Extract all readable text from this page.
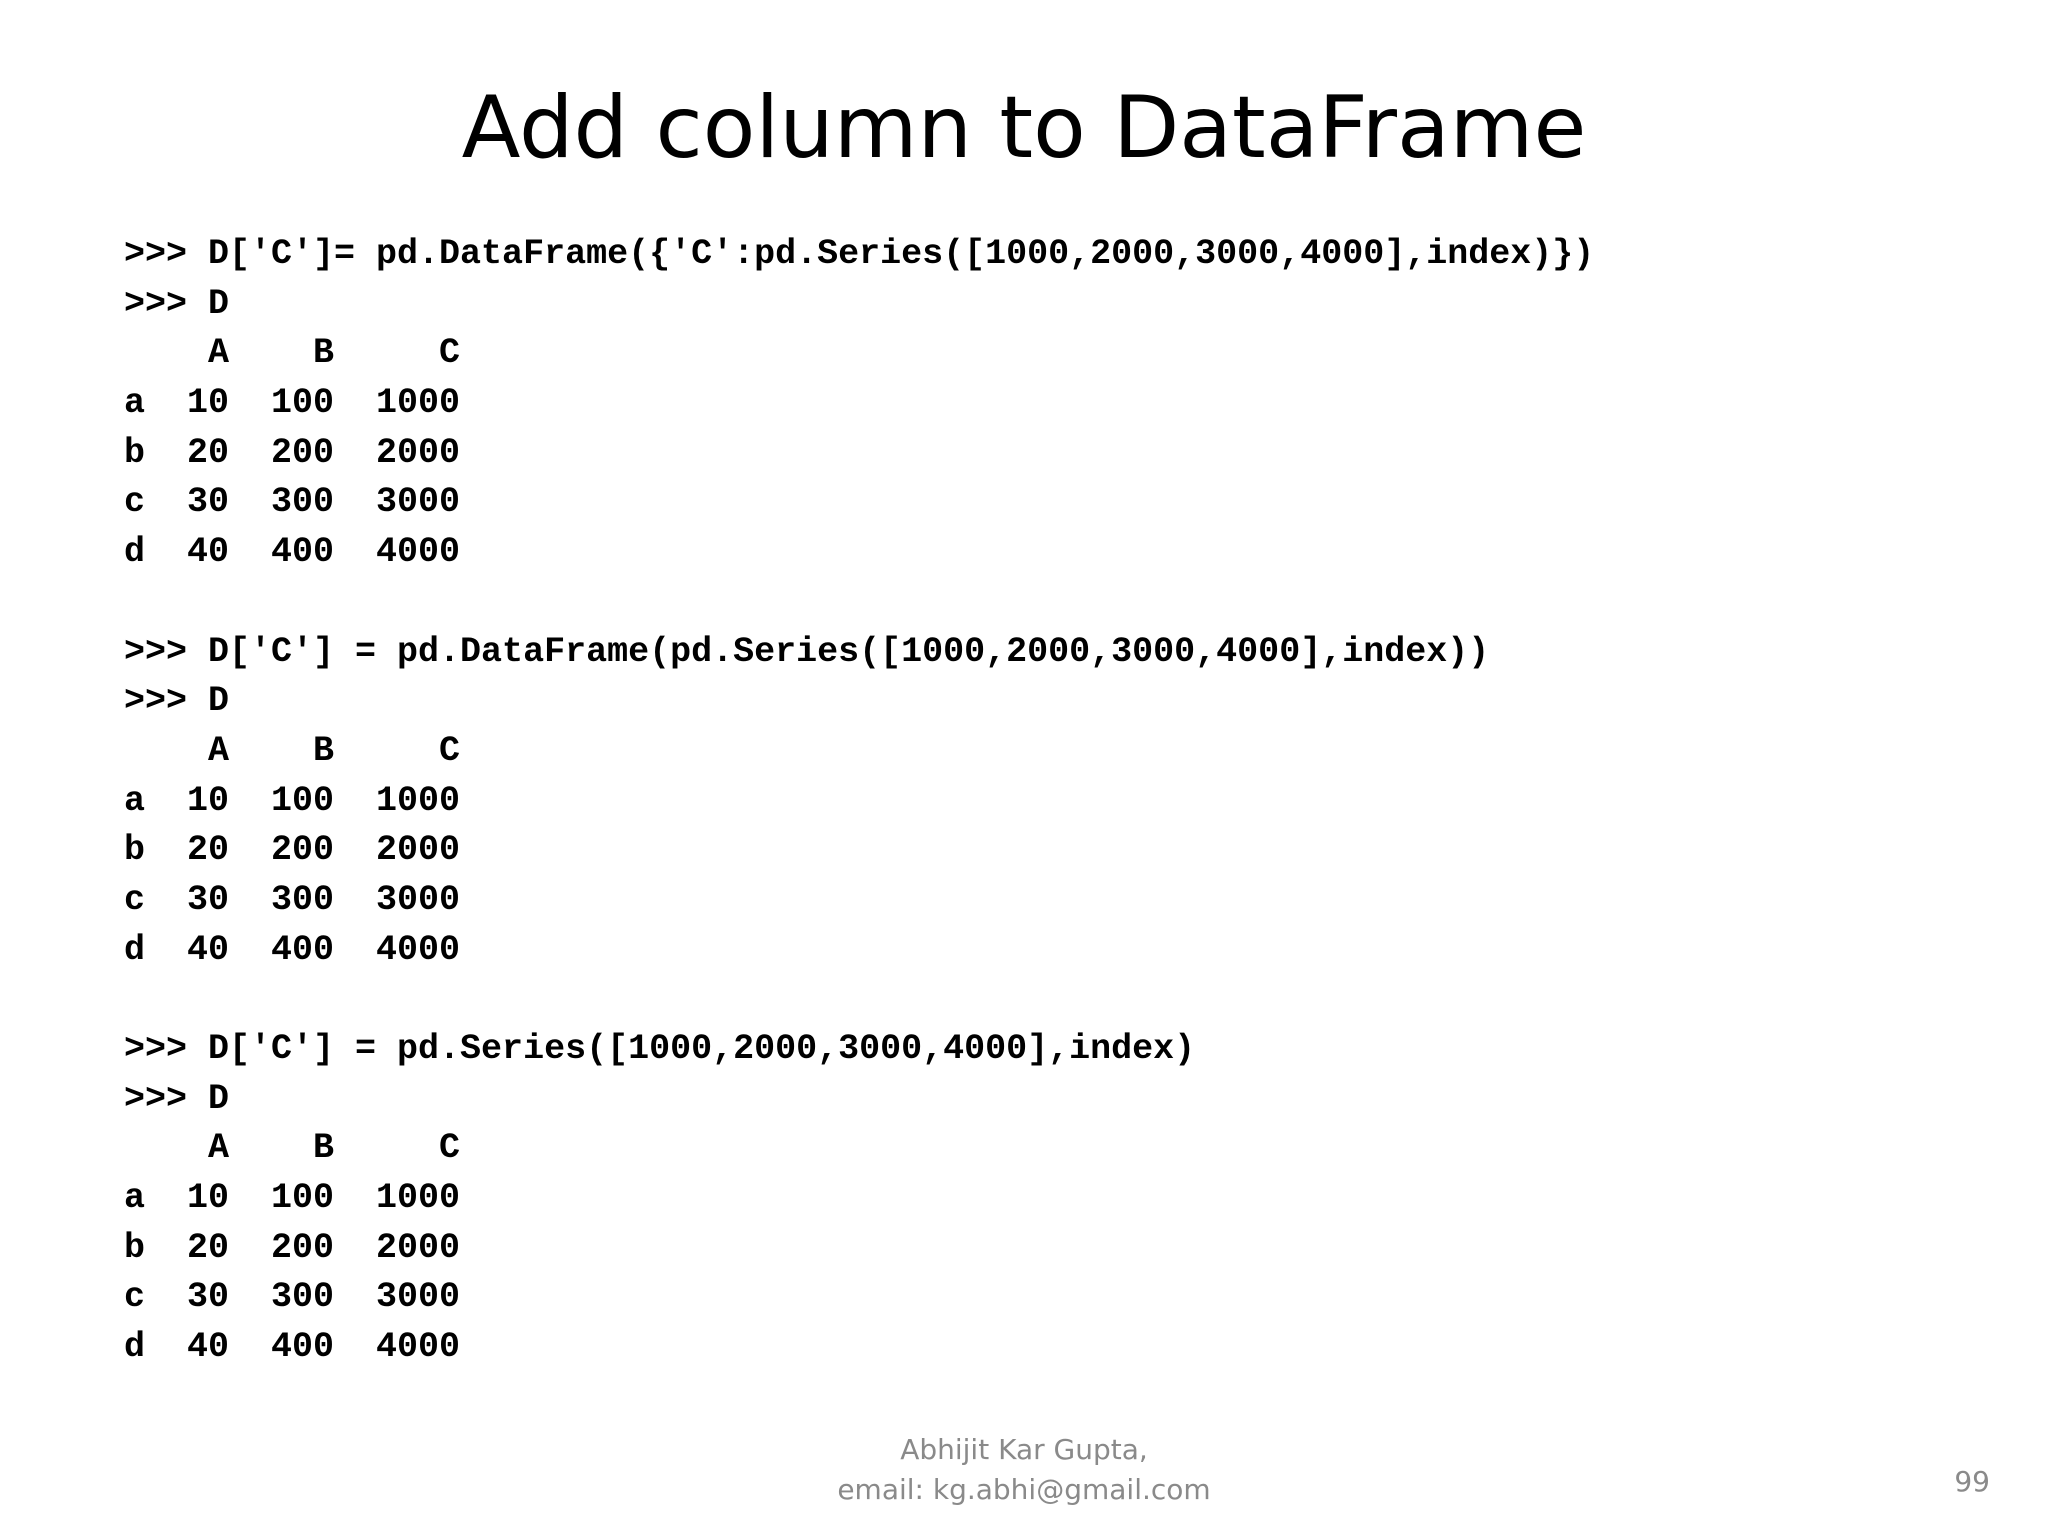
Add column to DataFrame
>>> D['C']= pd.DataFrame({'C':pd.Series([1000,2000,3000,4000],index)})
>>> D
A    B     C
a  10  100  1000
b  20  200  2000
c  30  300  3000
d  40  400  4000
>>> D['C'] = pd.DataFrame(pd.Series([1000,2000,3000,4000],index))
>>> D
A    B     C
a  10  100  1000
b  20  200  2000
c  30  300  3000
d  40  400  4000
>>> D['C'] = pd.Series([1000,2000,3000,4000],index)
>>> D
A    B     C
a  10  100  1000
b  20  200  2000
c  30  300  3000
d  40  400  4000
Abhijit Kar Gupta,
email: kg.abhi@gmail.com	99
